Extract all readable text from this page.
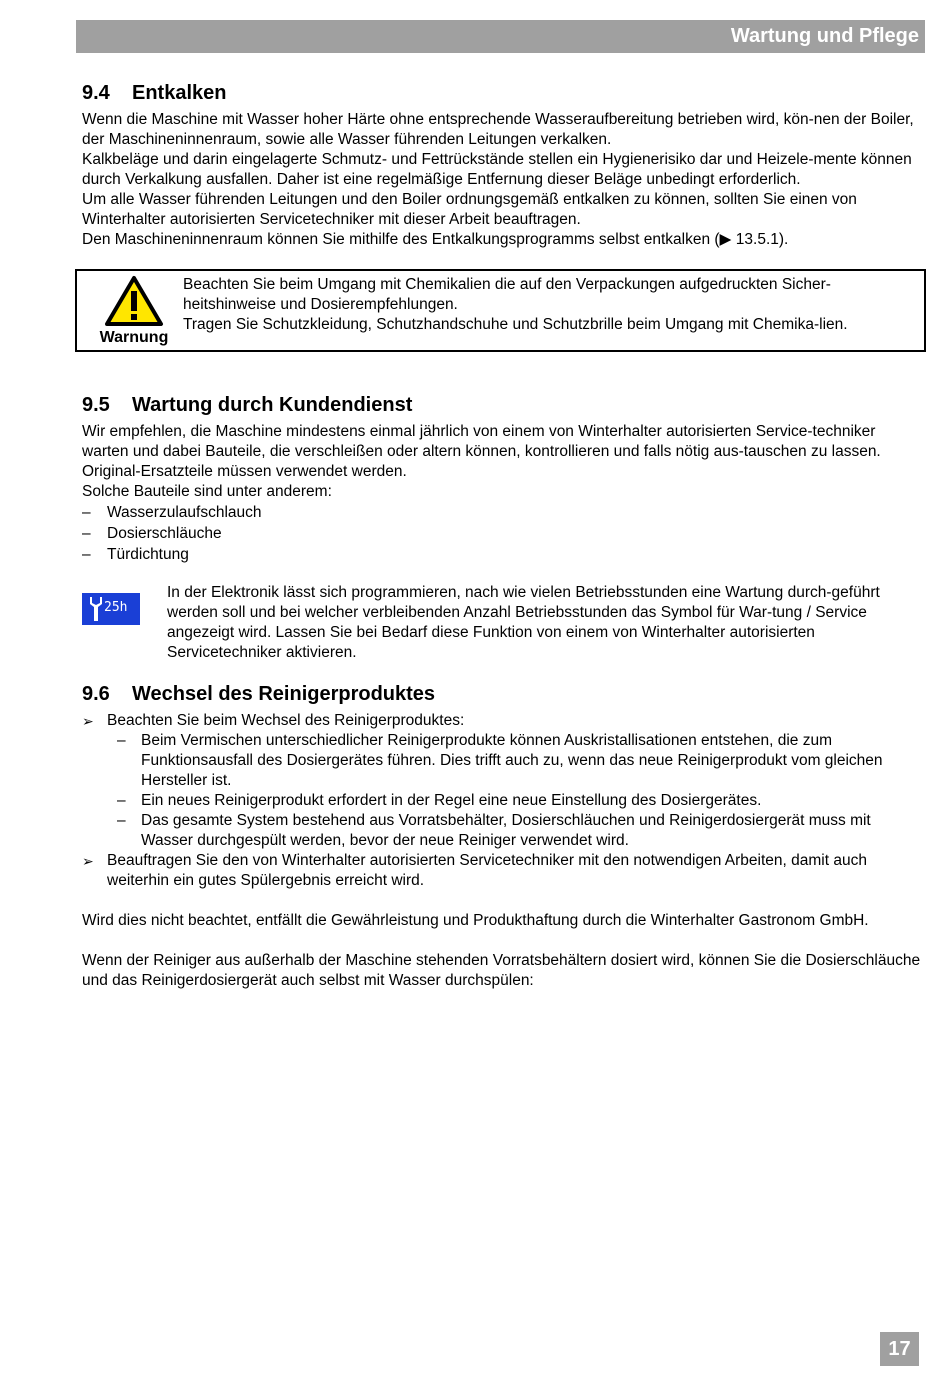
Wartung und Pflege
9.4	Entkalken

Wenn die Maschine mit Wasser hoher Härte ohne entsprechende Wasseraufbereitung betrieben wird, kön-nen der Boiler, der Maschineninnenraum, sowie alle Wasser führenden Leitungen verkalken.

Kalkbeläge und darin eingelagerte Schmutz- und Fettrückstände stellen ein Hygienerisiko dar und Heizele-mente können durch Verkalkung ausfallen. Daher ist eine regelmäßige Entfernung dieser Beläge unbedingt erforderlich.

Um alle Wasser führenden Leitungen und den Boiler ordnungsgemäß entkalken zu können, sollten Sie einen von Winterhalter autorisierten Servicetechniker mit dieser Arbeit beauftragen.

Den Maschineninnenraum können Sie mithilfe des Entkalkungsprogramms selbst entkalken (▶ 13.5.1).

Warnung
Beachten Sie beim Umgang mit Chemikalien die auf den Verpackungen aufgedruckten Sicher-heitshinweise und Dosierempfehlungen.
Tragen Sie Schutzkleidung, Schutzhandschuhe und Schutzbrille beim Umgang mit Chemika-lien.
9.5	Wartung durch Kundendienst

Wir empfehlen, die Maschine mindestens einmal jährlich von einem von Winterhalter autorisierten Service-techniker warten und dabei Bauteile, die verschleißen oder altern können, kontrollieren und falls nötig aus-tauschen zu lassen. Original-Ersatzteile müssen verwendet werden.

Solche Bauteile sind unter anderem:

– Wasserzulaufschlauch
– Dosierschläuche
– Türdichtung
25h
In der Elektronik lässt sich programmieren, nach wie vielen Betriebsstunden eine Wartung durch-geführt werden soll und bei welcher verbleibenden Anzahl Betriebsstunden das Symbol für War-tung / Service angezeigt wird. Lassen Sie bei Bedarf diese Funktion von einem von Winterhalter autorisierten Servicetechniker aktivieren.
9.6	Wechsel des Reinigerproduktes
➢ Beachten Sie beim Wechsel des Reinigerproduktes:
– Beim Vermischen unterschiedlicher Reinigerprodukte können Auskristallisationen entstehen, die zum Funktionsausfall des Dosiergerätes führen. Dies trifft auch zu, wenn das neue Reinigerprodukt vom gleichen Hersteller ist.
– Ein neues Reinigerprodukt erfordert in der Regel eine neue Einstellung des Dosiergerätes.
– Das gesamte System bestehend aus Vorratsbehälter, Dosierschläuchen und Reinigerdosiergerät muss mit Wasser durchgespült werden, bevor der neue Reiniger verwendet wird.
➢ Beauftragen Sie den von Winterhalter autorisierten Servicetechniker mit den notwendigen Arbeiten, damit auch weiterhin ein gutes Spülergebnis erreicht wird.

Wird dies nicht beachtet, entfällt die Gewährleistung und Produkthaftung durch die Winterhalter Gastronom GmbH.

Wenn der Reiniger aus außerhalb der Maschine stehenden Vorratsbehältern dosiert wird, können Sie die Dosierschläuche und das Reinigerdosiergerät auch selbst mit Wasser durchspülen:

17
